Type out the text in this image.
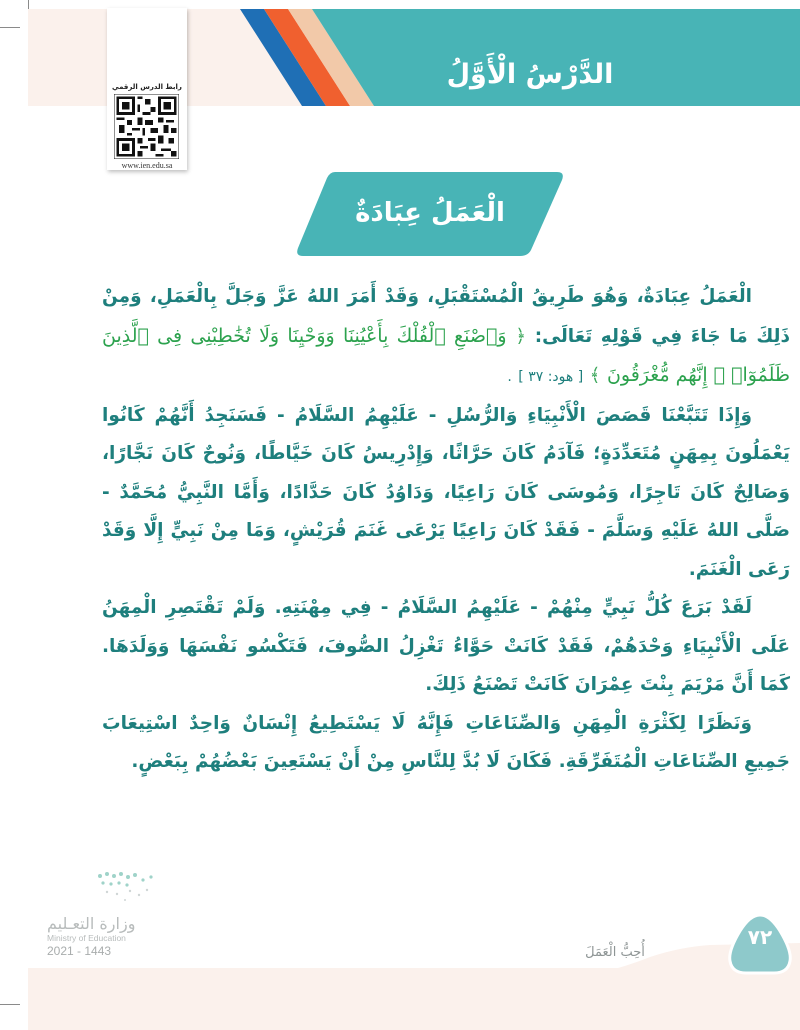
الدَّرْسُ الْأَوَّلُ
رابط الدرس الرقمي
www.ien.edu.sa
الْعَمَلُ عِبَادَةٌ

الْعَمَلُ عِبَادَةٌ، وَهُوَ طَرِيقُ الْمُسْتَقْبَلِ، وَقَدْ أَمَرَ اللهُ عَزَّ وَجَلَّ بِالْعَمَلِ، وَمِنْ ذَلِكَ مَا جَاءَ فِي قَوْلِهِ تَعَالَى: ﴿ وَٱصْنَعِ ٱلْفُلْكَ بِأَعْيُنِنَا وَوَحْيِنَا وَلَا تُخَٰطِبْنِى فِى ٱلَّذِينَ ظَلَمُوٓا۟ ۚ إِنَّهُم مُّغْرَقُونَ ﴾ [ هود: ٣٧ ] .

وَإِذَا تَتَبَّعْنَا قَصَصَ الْأَنْبِيَاءِ وَالرُّسُلِ - عَلَيْهِمُ السَّلَامُ - فَسَنَجِدُ أَنَّهُمْ كَانُوا يَعْمَلُونَ بِمِهَنٍ مُتَعَدِّدَةٍ؛ فَآدَمُ كَانَ حَرَّاثًا، وَإِدْرِيسُ كَانَ خَيَّاطًا، وَنُوحٌ كَانَ نَجَّارًا، وَصَالِحٌ كَانَ تَاجِرًا، وَمُوسَى كَانَ رَاعِيًا، وَدَاوُدُ كَانَ حَدَّادًا، وَأَمَّا النَّبِيُّ مُحَمَّدٌ - صَلَّى اللهُ عَلَيْهِ وَسَلَّمَ - فَقَدْ كَانَ رَاعِيًا يَرْعَى غَنَمَ قُرَيْشٍ، وَمَا مِنْ نَبِيٍّ إِلَّا وَقَدْ رَعَى الْغَنَمَ.

لَقَدْ بَرَعَ كُلُّ نَبِيٍّ مِنْهُمْ - عَلَيْهِمُ السَّلَامُ - فِي مِهْنَتِهِ. وَلَمْ تَقْتَصِرِ الْمِهَنُ عَلَى الْأَنْبِيَاءِ وَحْدَهُمْ، فَقَدْ كَانَتْ حَوَّاءُ تَغْزِلُ الصُّوفَ، فَتَكْسُو نَفْسَهَا وَوَلَدَهَا. كَمَا أَنَّ مَرْيَمَ بِنْتَ عِمْرَانَ كَانَتْ تَصْنَعُ ذَلِكَ.

وَنَظَرًا لِكَثْرَةِ الْمِهَنِ وَالصِّنَاعَاتِ فَإِنَّهُ لَا يَسْتَطِيعُ إِنْسَانٌ وَاحِدٌ اسْتِيعَابَ جَمِيعِ الصِّنَاعَاتِ الْمُتَفَرِّقَةِ. فَكَانَ لَا بُدَّ لِلنَّاسِ مِنْ أَنْ يَسْتَعِينَ بَعْضُهُمْ بِبَعْضٍ.

وزارة التعـليم
Ministry of Education
2021 - 1443	أُحِبُّ الْعَمَلَ
٧٢
